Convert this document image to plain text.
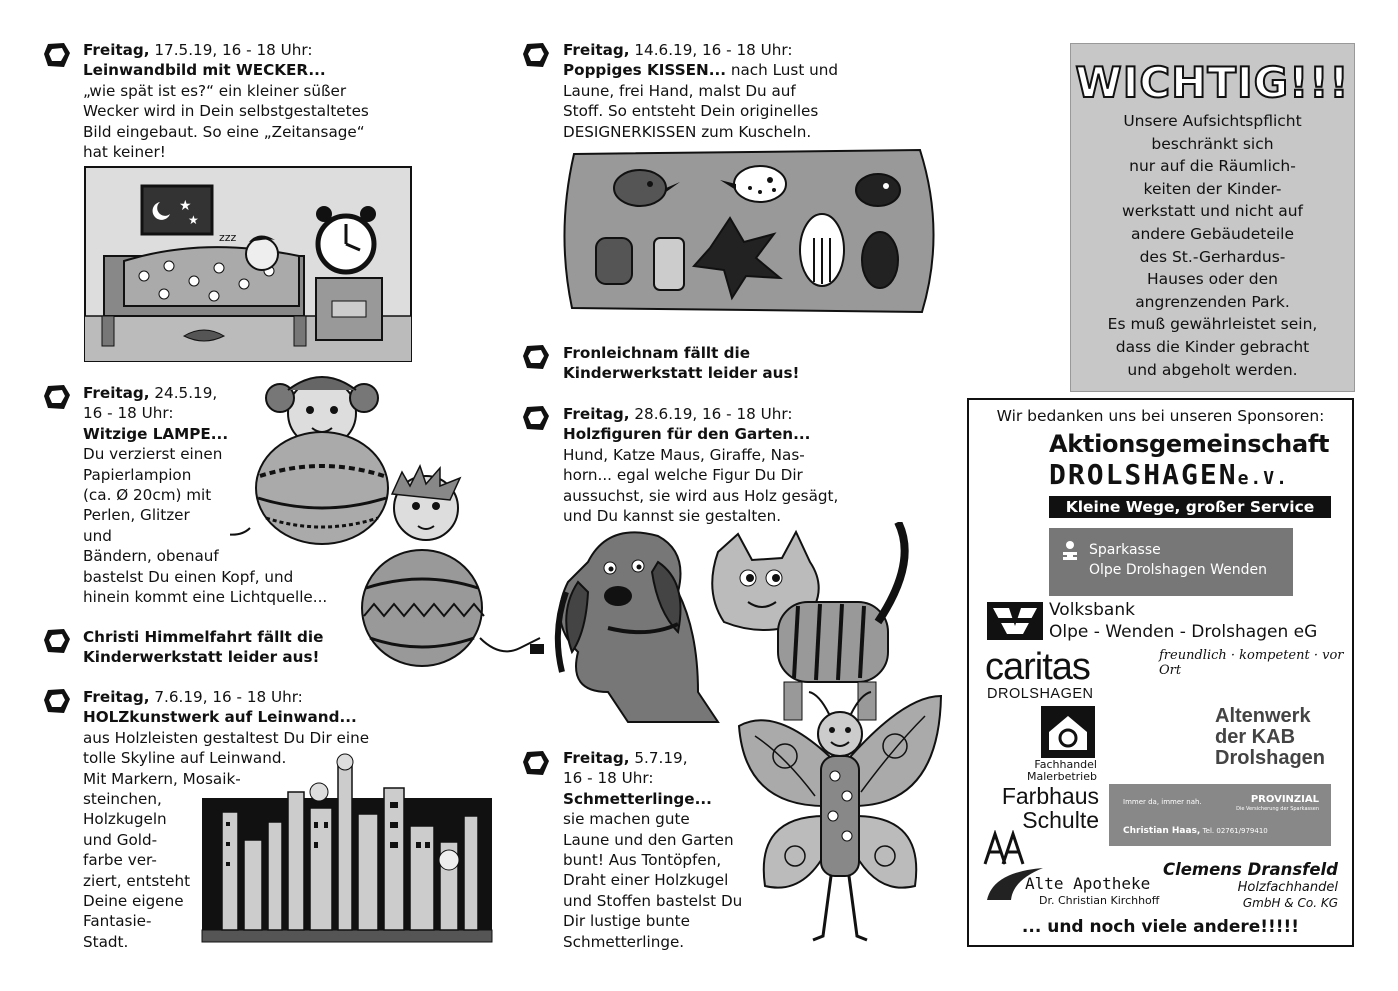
Freitag, 17.5.19, 16 - 18 Uhr:
Leinwandbild mit WECKER...
„wie spät ist es?“ ein kleiner süßer
Wecker wird in Dein selbstgestaltetes
Bild eingebaut. So eine „Zeitansage“
hat keiner!
★
★
zzz
Freitag, 24.5.19,
16 - 18 Uhr:
Witzige LAMPE...
Du verzierst einen
Papierlampion
(ca. Ø 20cm) mit
Perlen, Glitzer
und
Bändern, obenauf
bastelst Du einen Kopf, und
hinein kommt eine Lichtquelle...
Christi Himmelfahrt fällt die
Kinderwerkstatt leider aus!
Freitag, 7.6.19, 16 - 18 Uhr:
HOLZkunstwerk auf Leinwand...
aus Holzleisten gestaltest Du Dir eine
tolle Skyline auf Leinwand.
Mit Markern, Mosaik-
steinchen,
Holzkugeln
und Gold-
farbe ver-
ziert, entsteht
Deine eigene
Fantasie-
Stadt.
Freitag, 14.6.19, 16 - 18 Uhr:
Poppiges KISSEN... nach Lust und
Laune, frei Hand, malst Du auf
Stoff. So entsteht Dein originelles
DESIGNERKISSEN zum Kuscheln.
Fronleichnam fällt die
Kinderwerkstatt leider aus!
Freitag, 28.6.19, 16 - 18 Uhr:
Holzfiguren für den Garten...
Hund, Katze Maus, Giraffe, Nas-
horn... egal welche Figur Du Dir
aussuchst, sie wird aus Holz gesägt,
und Du kannst sie gestalten.
Freitag, 5.7.19,
16 - 18 Uhr:
Schmetterlinge...
sie machen gute
Laune und den Garten
bunt! Aus Tontöpfen,
Draht einer Holzkugel
und Stoffen bastelst Du
Dir lustige bunte
Schmetterlinge.
WICHTIG!!!
Unsere Aufsichtspflicht
beschränkt sich
nur auf die Räumlich-
keiten der Kinder-
werkstatt und nicht auf
andere Gebäudeteile
des St.-Gerhardus-
Hauses oder den
angrenzenden Park.
Es muß gewährleistet sein,
dass die Kinder gebracht
und abgeholt werden.
Wir bedanken uns bei unseren Sponsoren:
Aktionsgemeinschaft
DROLSHAGENe.V.
Kleine Wege, großer Service
Sparkasse
Olpe Drolshagen Wenden
Volksbank
Olpe - Wenden - Drolshagen eG
freundlich · kompetent · vor Ort
caritas
DROLSHAGEN
Altenwerk
der KAB
Drolshagen
Fachhandel
Malerbetrieb
Farbhaus
Schulte
Immer da, immer nah.	PROVINZIAL
Die Versicherung der Sparkassen
Christian Haas, Tel. 02761/979410
Alte Apotheke
Dr. Christian Kirchhoff
Clemens Dransfeld
Holzfachhandel
GmbH & Co. KG
... und noch viele andere!!!!!
